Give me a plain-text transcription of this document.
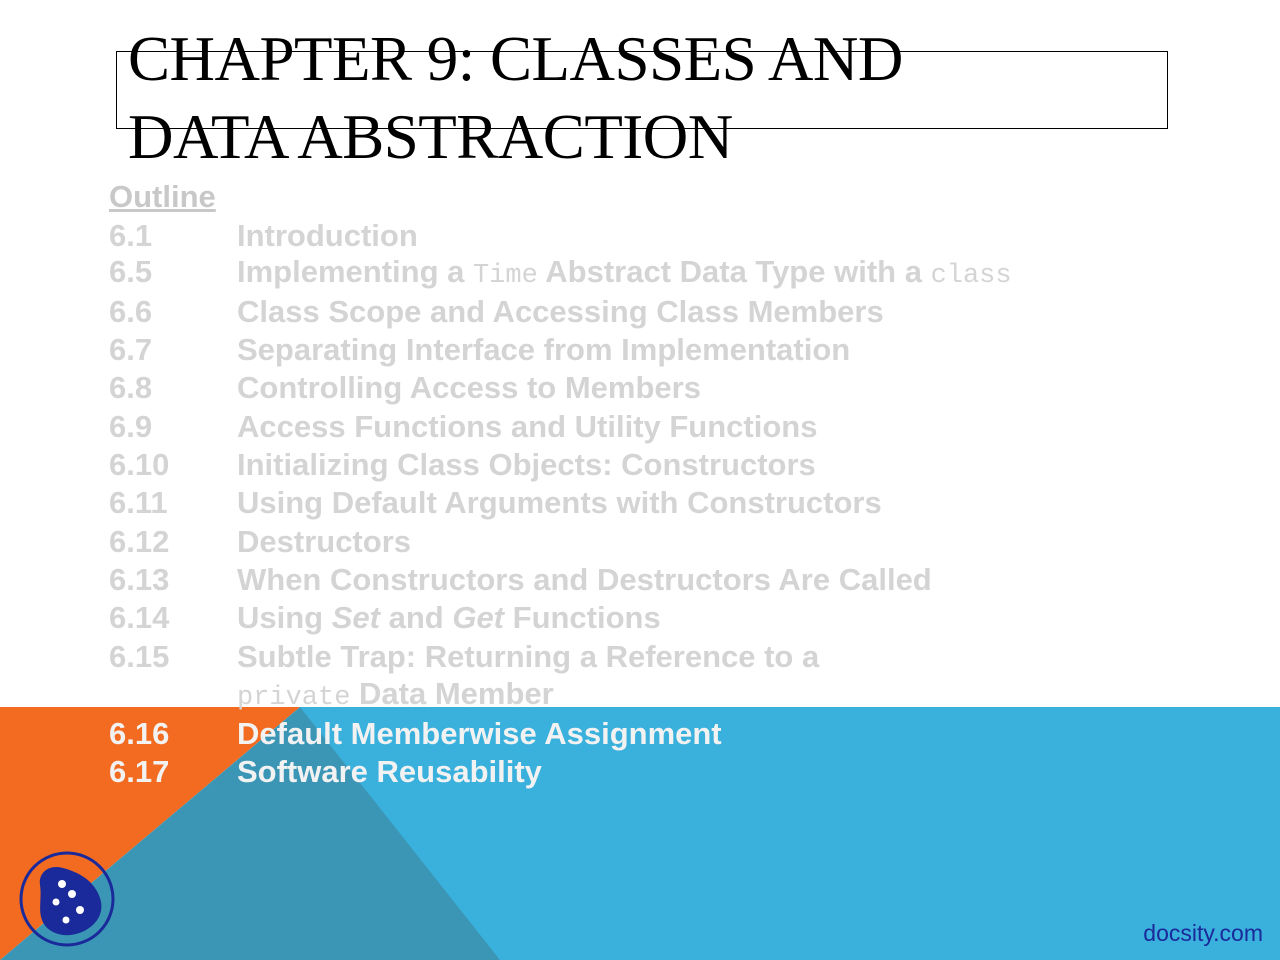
CHAPTER 9: CLASSES AND
DATA ABSTRACTION
Outline
6.1	Introduction
6.5	Implementing a Time Abstract Data Type with a class
6.6	Class Scope and Accessing Class Members
6.7	Separating Interface from Implementation
6.8	Controlling Access to Members
6.9	Access Functions and Utility Functions
6.10 Initializing Class Objects: Constructors
6.11 Using Default Arguments with Constructors
6.12 Destructors
6.13 When Constructors and Destructors Are Called
6.14 Using Set and Get Functions
6.15 Subtle Trap: Returning a Reference to a
private Data Member
6.16 Default Memberwise Assignment
6.17 Software Reusability
docsity.com
